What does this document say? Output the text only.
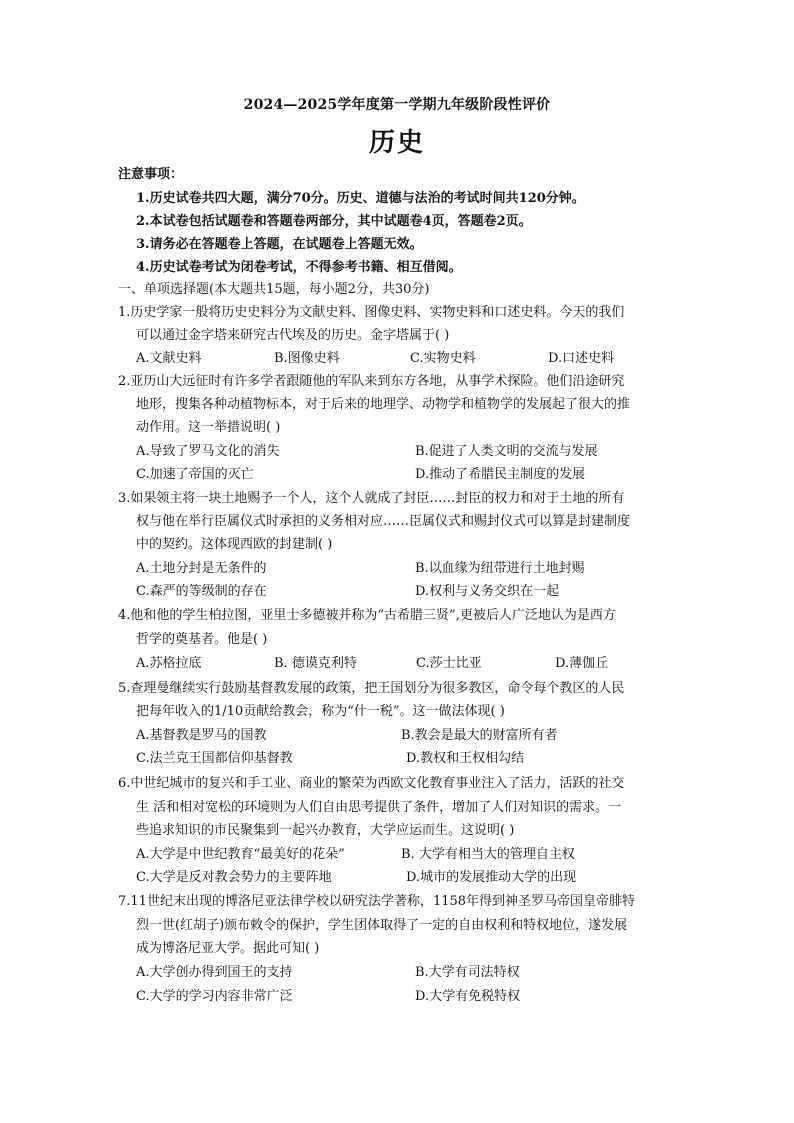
2024—2025学年度第一学期九年级阶段性评价
历史
注意事项：
1.历史试卷共四大题，满分70分。历史、道德与法治的考试时间共120分钟。
2.本试卷包括试题卷和答题卷两部分，其中试题卷4页，答题卷2页。
3.请务必在答题卷上答题，在试题卷上答题无效。
4.历史试卷考试为闭卷考试，不得参考书籍、相互借阅。
一、单项选择题(本大题共15题，每小题2分，共30分)
1.历史学家一般将历史史料分为文献史料、图像史料、实物史料和口述史料。今天的我们
可以通过金字塔来研究古代埃及的历史。金字塔属于( )
A.文献史料	B.图像史料	C.实物史料	D.口述史料
2.亚历山大远征时有许多学者跟随他的军队来到东方各地，从事学术探险。他们沿途研究
地形，搜集各种动植物标本，对于后来的地理学、动物学和植物学的发展起了很大的推
动作用。这一举措说明( )
A.导致了罗马文化的消失	B.促进了人类文明的交流与发展
C.加速了帝国的灭亡	D.推动了希腊民主制度的发展
3.如果领主将一块土地赐予一个人，这个人就成了封臣……封臣的权力和对于土地的所有
权与他在举行臣属仪式时承担的义务相对应……臣属仪式和赐封仪式可以算是封建制度
中的契约。这体现西欧的封建制( )
A.土地分封是无条件的	B.以血缘为纽带进行土地封赐
C.森严的等级制的存在	D.权利与义务交织在一起
4.他和他的学生柏拉图，亚里士多德被并称为“古希腊三贤”,更被后人广泛地认为是西方
哲学的奠基者。他是( )
A.苏格拉底	B. 德谟克利特	C.莎士比亚	D.薄伽丘
5.查理曼继续实行鼓励基督教发展的政策，把王国划分为很多教区，命令每个教区的人民
把每年收入的1/10贡献给教会，称为“什一税”。这一做法体现( )
A.基督教是罗马的国教	B.教会是最大的财富所有者
C.法兰克王国都信仰基督教	D.教权和王权相勾结
6.中世纪城市的复兴和手工业、商业的繁荣为西欧文化教育事业注入了活力，活跃的社交
生 活和相对宽松的环境则为人们自由思考提供了条件，增加了人们对知识的需求。一
些追求知识的市民聚集到一起兴办教育，大学应运而生。这说明( )
A.大学是中世纪教育“最美好的花朵”	B. 大学有相当大的管理自主权
C.大学是反对教会势力的主要阵地	D.城市的发展推动大学的出现
7.11世纪末出现的博洛尼亚法律学校以研究法学著称，1158年得到神圣罗马帝国皇帝腓特
烈一世(红胡子)颁布敕令的保护，学生团体取得了一定的自由权利和特权地位，遂发展
成为博洛尼亚大学。据此可知( )
A.大学创办得到国王的支持	B.大学有司法特权
C.大学的学习内容非常广泛	D.大学有免税特权
